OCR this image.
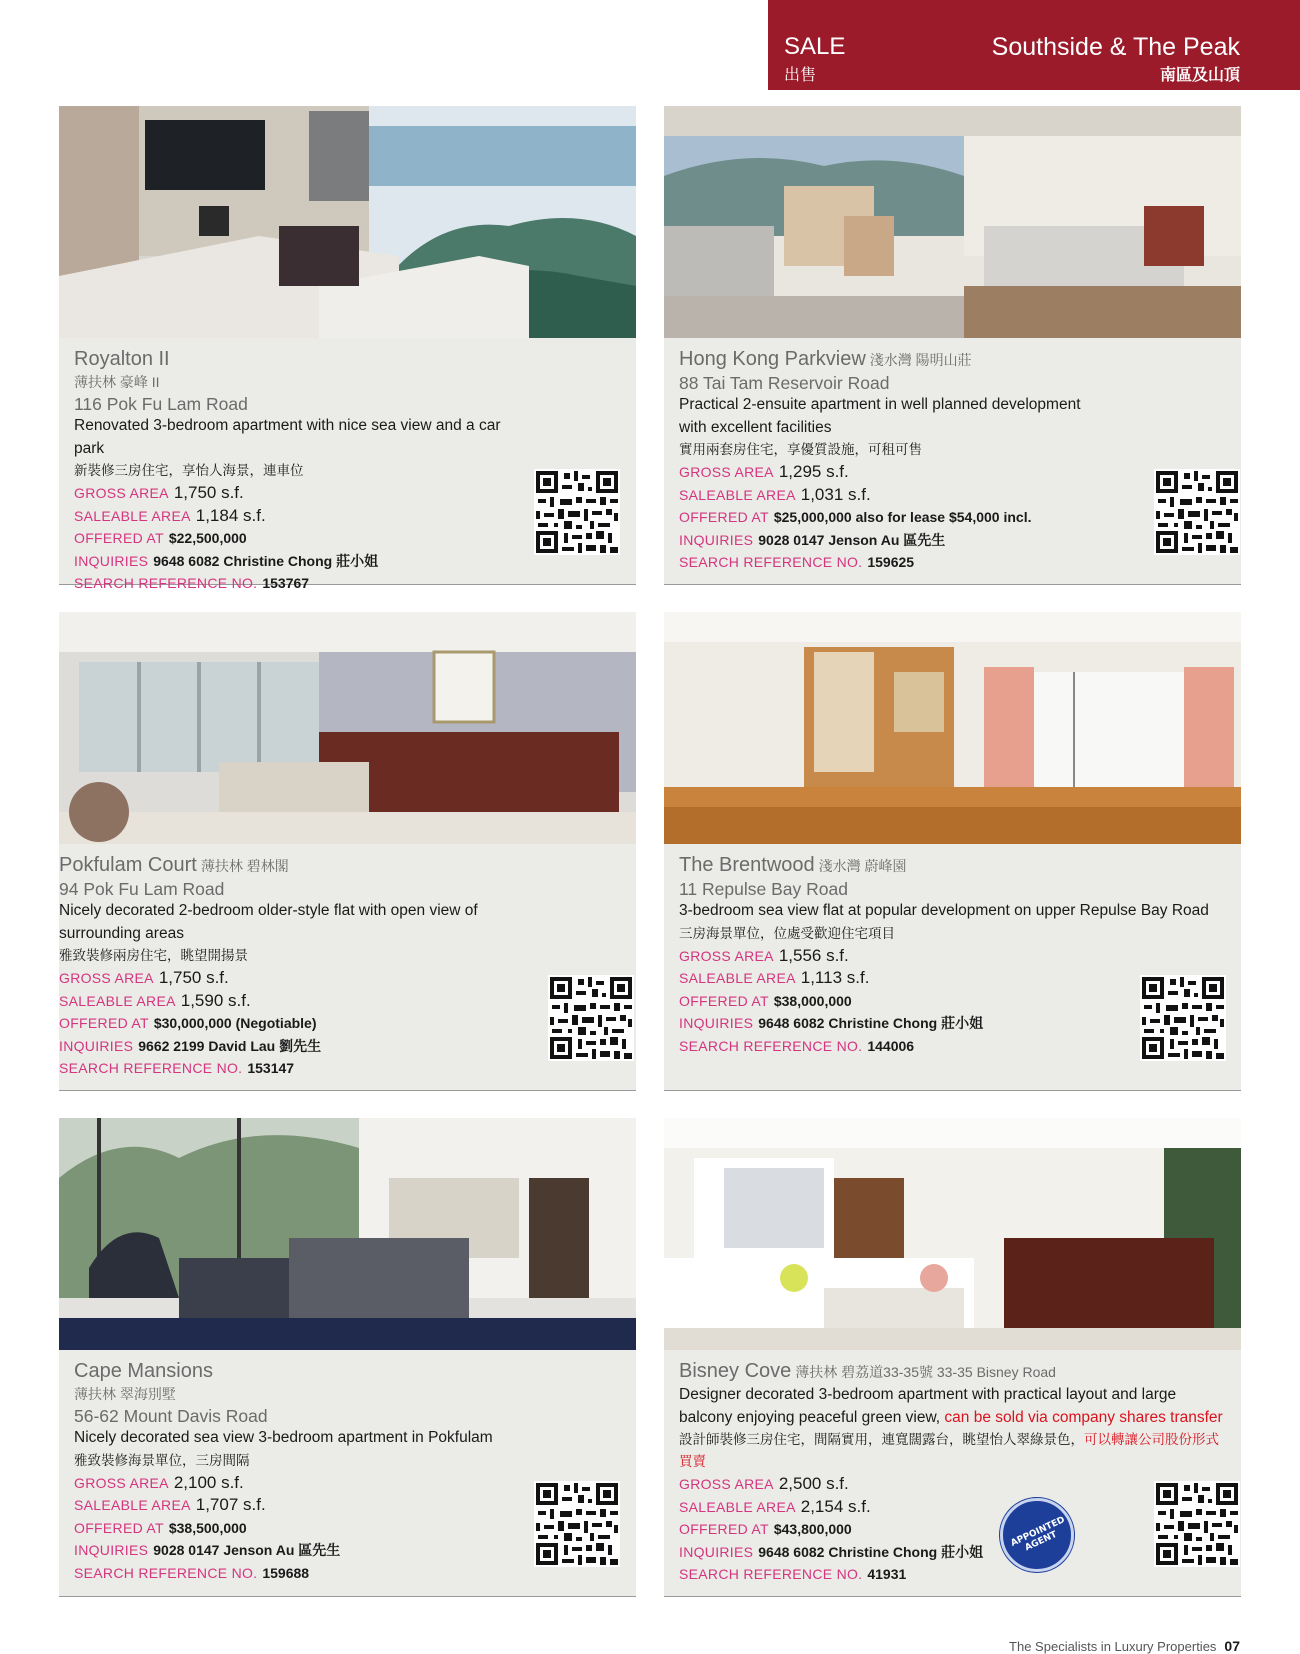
SALE
出售
Southside & The Peak
南區及山頂
Royalton II
薄扶林 豪峰 II
116 Pok Fu Lam Road
Renovated 3-bedroom apartment with nice sea view and a car park
新裝修三房住宅，享怡人海景，連車位
GROSS AREA 1,750 s.f.
SALEABLE AREA 1,184 s.f.
OFFERED AT $22,500,000
INQUIRIES 9648 6082 Christine Chong 莊小姐
SEARCH REFERENCE NO. 153767
Hong Kong Parkview 淺水灣 陽明山莊
88 Tai Tam Reservoir Road
Practical 2-ensuite apartment in well planned development with excellent facilities
實用兩套房住宅，享優質設施，可租可售
GROSS AREA 1,295 s.f.
SALEABLE AREA 1,031 s.f.
OFFERED AT $25,000,000 also for lease $54,000 incl.
INQUIRIES 9028 0147 Jenson Au 區先生
SEARCH REFERENCE NO. 159625
Pokfulam Court 薄扶林 碧林閣
94 Pok Fu Lam Road
Nicely decorated 2-bedroom older-style flat with open view of surrounding areas
雅致裝修兩房住宅，眺望開揚景
GROSS AREA 1,750 s.f.
SALEABLE AREA 1,590 s.f.
OFFERED AT $30,000,000 (Negotiable)
INQUIRIES 9662 2199 David Lau 劉先生
SEARCH REFERENCE NO. 153147
The Brentwood 淺水灣 蔚峰園
11 Repulse Bay Road
3-bedroom sea view flat at popular development on upper Repulse Bay Road
三房海景單位，位處受歡迎住宅項目
GROSS AREA 1,556 s.f.
SALEABLE AREA 1,113 s.f.
OFFERED AT $38,000,000
INQUIRIES 9648 6082 Christine Chong 莊小姐
SEARCH REFERENCE NO. 144006
Cape Mansions
薄扶林 翠海別墅
56-62 Mount Davis Road
Nicely decorated sea view 3-bedroom apartment in Pokfulam
雅致裝修海景單位，三房間隔
GROSS AREA 2,100 s.f.
SALEABLE AREA 1,707 s.f.
OFFERED AT $38,500,000
INQUIRIES 9028 0147 Jenson Au 區先生
SEARCH REFERENCE NO. 159688
Bisney Cove 薄扶林 碧荔道33-35號 33-35 Bisney Road
Designer decorated 3-bedroom apartment with practical layout and large balcony enjoying peaceful green view, can be sold via company shares transfer
設計師裝修三房住宅，間隔實用，連寬闊露台，眺望怡人翠綠景色，可以轉讓公司股份形式買賣
GROSS AREA 2,500 s.f.
SALEABLE AREA 2,154 s.f.
OFFERED AT $43,800,000
INQUIRIES 9648 6082 Christine Chong 莊小姐
SEARCH REFERENCE NO. 41931
APPOINTED AGENT
The Specialists in Luxury Properties 07
